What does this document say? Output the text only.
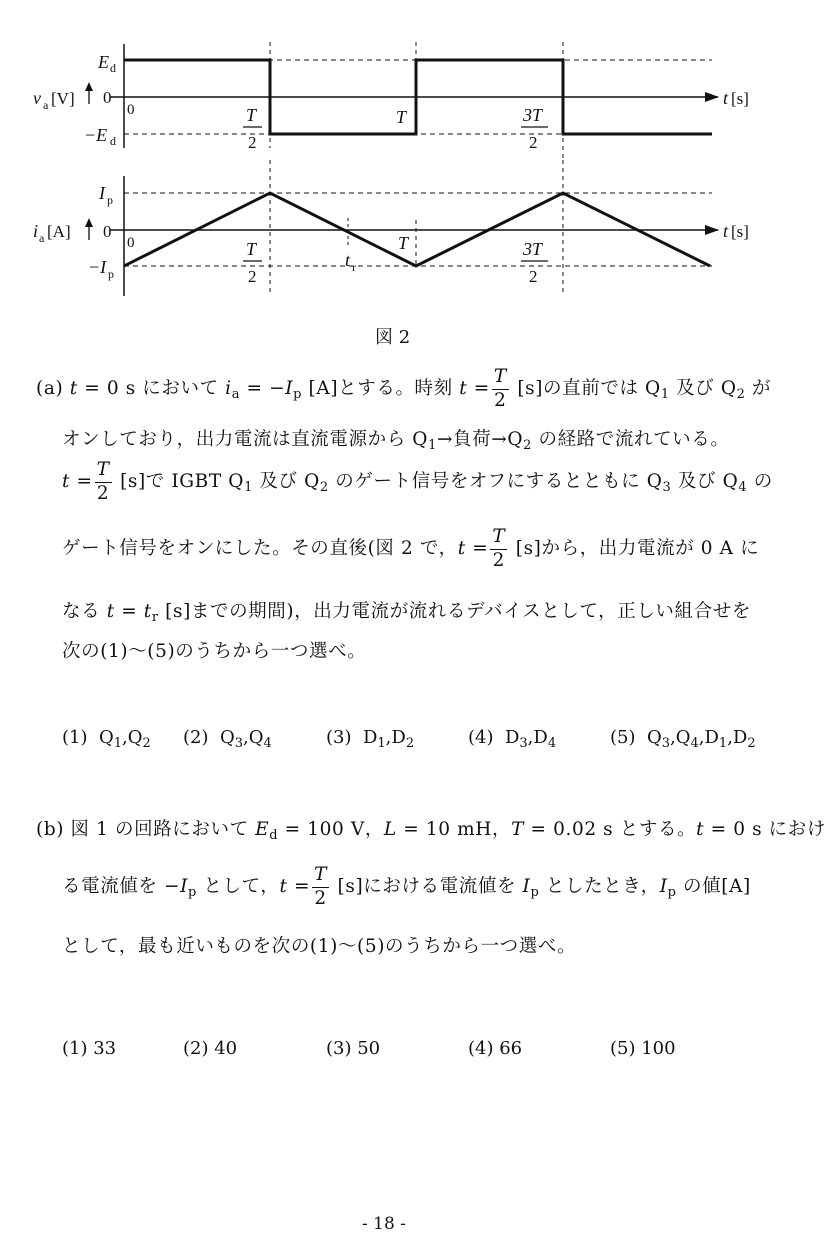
v a [V]
E d
0
−E d
0	T
2
T	3T
2
t [s]
i a [A]
I p
0
−I p
0	T
2
t r
T	3T
2
t [s]
図 2
(a) t = 0 s において $i_a = -I_p$ [A]とする。時刻 $t = \frac{T}{2} [s]$の直前では $Q_1$ 及び $Q_2$ が
オンしており，出力電流は直流電源から $Q_1\to$負荷$\to Q_2$ の経路で流れている。
$t = \frac{T}{2} [s]$で IGBT $Q_1$ 及び $Q_2$ のゲート信号をオフにするとともに $Q_3$ 及び $Q_4$ の
ゲート信号をオンにした。その直後(図 2 で，$t = \frac{T}{2} [s]$から，出力電流が 0 A に
なる $t = t_r$ [s]までの期間)，出力電流が流れるデバイスとして，正しい組合せを
次の(1)～(5)のうちから一つ選べ。
(1) $Q_1,Q_2$ (2) $Q_3,Q_4$	(3) $D_1,D_2$	(4) $D_3,D_4$	(5) $Q_3,Q_4,D_1,D_2$
(b) 図 1 の回路において $E_d = 100$ V，L = 10 mH，T = 0.02 s とする。t = 0 s におけ
る電流値を $-I_p$ として，$t = \frac{T}{2} [s]$における電流値を $I_p$ としたとき，$I_p$ の値[A]
として，最も近いものを次の(1)～(5)のうちから一つ選べ。
(1) 33	(2) 40	(3) 50	(4) 66	(5) 100
- 18 -
